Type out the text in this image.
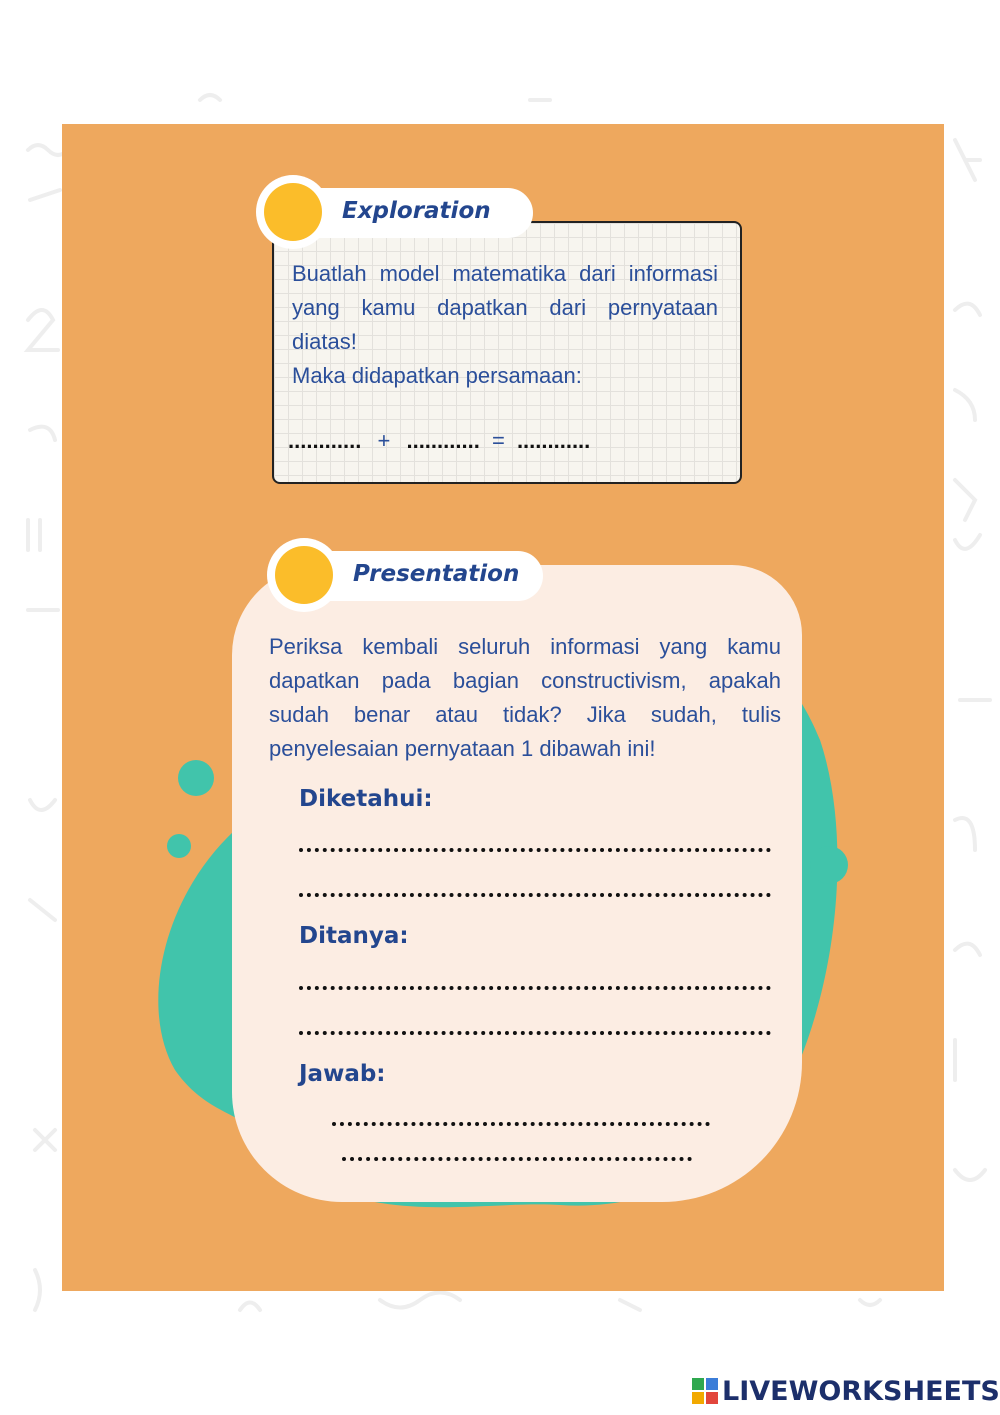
Buatlah model matematika dari informasi yang kamu dapatkan dari pernyataan diatas!

Maka didapatkan persamaan:

............ + ............ = ............
Exploration
Presentation
Periksa kembali seluruh informasi yang kamu dapatkan pada bagian constructivism, apakah sudah benar atau tidak? Jika sudah, tulis penyelesaian pernyataan 1 dibawah ini!
Diketahui:
Ditanya:
Jawab:
LIVEWORKSHEETS
